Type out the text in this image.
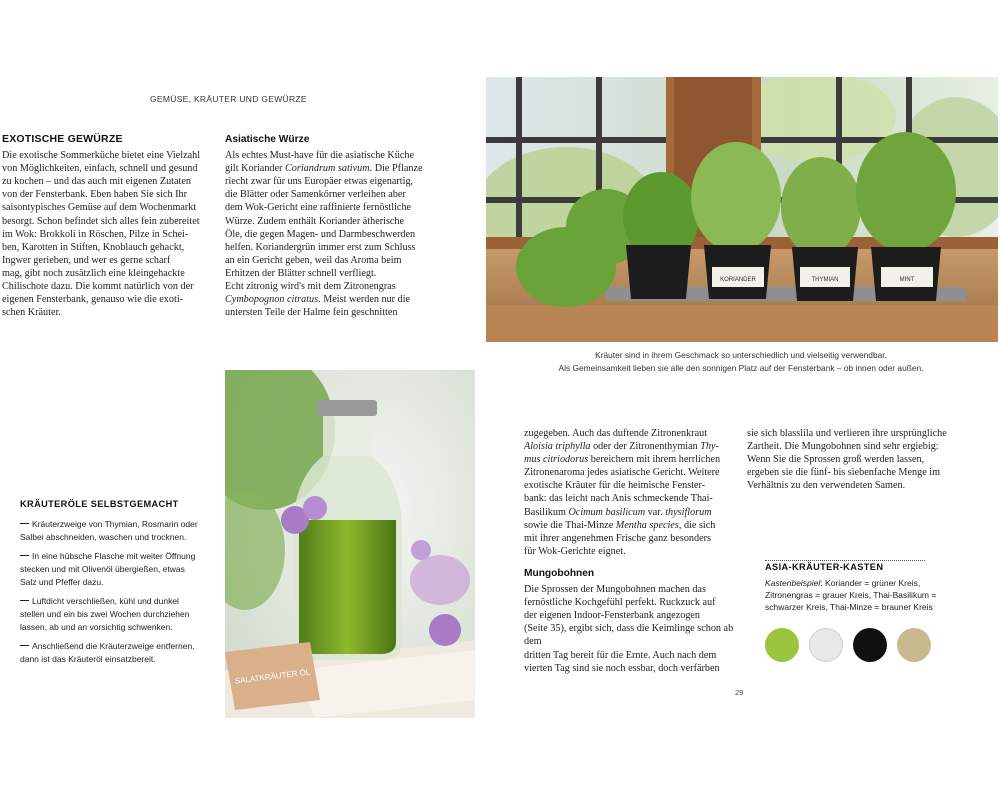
GEMÜSE, KRÄUTER UND GEWÜRZE
EXOTISCHE GEWÜRZE

Die exotische Sommerküche bietet eine Vielzahl

von Möglichkeiten, einfach, schnell und gesund

zu kochen – und das auch mit eigenen Zutaten

von der Fensterbank. Eben haben Sie sich Ihr

saisontypisches Gemüse auf dem Wochenmarkt

besorgt. Schon befindet sich alles fein zubereitet

im Wok: Brokkoli in Röschen, Pilze in Schei-

ben, Karotten in Stiften, Knoblauch gehackt,

Ingwer gerieben, und wer es gerne scharf

mag, gibt noch zusätzlich eine kleingehackte

Chilischote dazu. Die kommt natürlich von der

eigenen Fensterbank, genauso wie die exoti-

schen Kräuter.

Asiatische Würze

Als echtes Must-have für die asiatische Küche

gilt Koriander Coriandrum sativum. Die Pflanze

riecht zwar für uns Europäer etwas eigenartig,

die Blätter oder Samenkörner verleihen aber

dem Wok-Gericht eine raffinierte fernöstliche

Würze. Zudem enthält Koriander ätherische

Öle, die gegen Magen- und Darmbeschwerden

helfen. Koriandergrün immer erst zum Schluss

an ein Gericht geben, weil das Aroma beim

Erhitzen der Blätter schnell verfliegt.

Echt zitronig wird's mit dem Zitronengras

Cymbopognon citratus. Meist werden nur die

untersten Teile der Halme fein geschnitten

KORIANDER	THYMIAN	MINT
Kräuter sind in ihrem Geschmack so unterschiedlich und vielseitig verwendbar.
Als Gemeinsamkeit lieben sie alle den sonnigen Platz auf der Fensterbank – ob innen oder außen.
SALATKRÄUTER ÖL
KRÄUTERÖLE SELBSTGEMACHT
Kräuterzweige von Thymian, Rosmarin oder
Salbei abschneiden, waschen und trocknen.
In eine hübsche Flasche mit weiter Öffnung
stecken und mit Olivenöl übergießen, etwas
Salz und Pfeffer dazu.
Luftdicht verschließen, kühl und dunkel
stellen und ein bis zwei Wochen durchziehen
lassen, ab und an vorsichtig schwenken.
Anschließend die Kräuterzweige entfernen,
dann ist das Kräuteröl einsatzbereit.

zugegeben. Auch das duftende Zitronenkraut

Aloisia triphylla oder der Zitronenthymian Thy-

mus citriodorus bereichern mit ihrem herrlichen

Zitronenaroma jedes asiatische Gericht. Weitere

exotische Kräuter für die heimische Fenster-

bank: das leicht nach Anis schmeckende Thai-

Basilikum Ocimum basilicum var. thysiflorum

sowie die Thai-Minze Mentha species, die sich

mit ihrer angenehmen Frische ganz besonders

für Wok-Gerichte eignet.

Mungobohnen

Die Sprossen der Mungobohnen machen das

fernöstliche Kochgefühl perfekt. Ruckzuck auf

der eigenen Indoor-Fensterbank angezogen

(Seite 35), ergibt sich, dass die Keimlinge schon ab dem

dritten Tag bereit für die Ernte. Auch nach dem

vierten Tag sind sie noch essbar, doch verfärben

sie sich blasslila und verlieren ihre ursprüngliche

Zartheit. Die Mungobohnen sind sehr ergiebig:

Wenn Sie die Sprossen groß werden lassen,

ergeben sie die fünf- bis siebenfache Menge im

Verhältnis zu den verwendeten Samen.

ASIA-KRÄUTER-KASTEN
Kastenbeispiel: Koriander = grüner Kreis,
Zitronengras = grauer Kreis, Thai-Basilikum =
schwarzer Kreis, Thai-Minze = brauner Kreis
29
